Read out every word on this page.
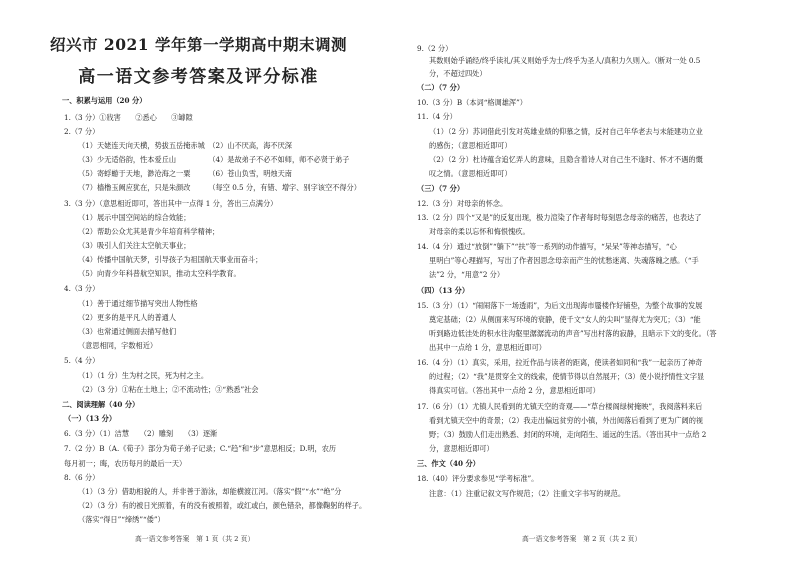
绍兴市 2021 学年第一学期高中期末调测
高一语文参考答案及评分标准
一、积累与运用（20 分）
1.（3 分）①戕害　　②悉心　　③罅隙
2.（7 分）
（1）天姥连天向天横，势拔五岳掩赤城　（2）山不厌高，海不厌深
（3）少无适俗韵，性本爱丘山　　　　　（4）是故弟子不必不如师，师不必贤于弟子
（5）寄蜉蝣于天地，渺沧海之一粟　　　（6）苍山负雪，明烛天南
（7）樯橹玉阙应犹在，只是朱颜改　　　（每空 0.5 分，有错、增字、别字该空不得分）
3.（3 分）（意思相近即可，答出其中一点得 1 分，答出三点满分）
（1）展示中国空间站的综合效能；
（2）帮助公众尤其是青少年培育科学精神；
（3）吸引人们关注太空航天事业；
（4）传播中国航天梦，引导孩子为祖国航天事业而奋斗；
（5）向青少年科普航空知识，推动太空科学教育。
4.（3 分）
（1）善于通过细节描写突出人物性格
（2）更多的是平凡人的普通人
（3）也常通过侧面去描写他们
（意思相同，字数相近）
5.（4 分）
（1）（1 分）生为村之民，死为村之主。
（2）（3 分）①粘在土地上；②不流动性；③“熟悉”社会
二、阅读理解（40 分）
（一）（13 分）
6.（3 分）（1）洁慧　　（2）雕刻　　（3）逐渐
7.（2 分）B（A.《荀子》部分为荀子弟子记录；C.“趋”和“步”意思相反；D.明，农历
每月初一；晦，农历每月的最后一天）
8.（6 分）
（1）（3 分）借助相貌的人，并非善于游泳，却能横渡江河。（落实“假”“水”“绝”分
（2）（3 分）有的被日光照着，有的没有被照着，或红或白，颜色错杂，都像鞠躬的样子。
（落实“得日”“缔绣”“倭”）
高一语文参考答案　第 1 页（共 2 页）
9.（2 分）
其数则始乎诵经/终乎读礼/其义则始乎为士/终乎为圣人/真积力久则入。（断对一处 0.5
分，不超过四处）
（二）（7 分）
10.（3 分）B（本词“格调雄浑”）
11.（4 分）
（1）（2 分）苏词借此引发对英雄业绩的仰慕之情，反衬自己年华老去与未能建功立业
的感伤；（意思相近即可）
（2）（2 分）杜诗蕴含追忆弄人的意味，且隐含着诗人对自己生不逢时、怀才不遇的慨
叹之情。（意思相近即可）
（三）（7 分）
12.（3 分）对母亲的怀念。
13.（2 分）四个“又是”的反复出现，极力渲染了作者每时每刻思念母亲的痛苦，也表达了
对母亲的柔以忘怀和悔恨愧疚。
14.（4 分）通过“放倒”“躺下”“扶”等一系列的动作描写，“呆呆”等神态描写，“心
里明白”等心理描写，写出了作者因思念母亲而产生的忧愁迷离、失魂落魄之感。（“手
法”2 分，“用意”2 分）
（四）（13 分）
15.（3 分）（1）“闹闹落下一场透雨”，为后文出现海市蜃楼作好铺垫，为整个故事的发展
奠定基础；（2）从侧面来写环境的衰静，使千文“女人的尖叫”显得尤为突兀；（3）“能
听到路边低洼处的积水往沟壑里潺潺流动的声音”写出村落的寂静，且暗示下文的变化。（答
出其中一点给 1 分，意思相近即可）
16.（4 分）（1）真实，采用，拉近作品与读者的距离，使读者如同和“我”一起亲历了神奇
的过程；（2）“我”是贯穿全文的线索，使情节得以自然展开；（3）使小说抒情性文字显
得真实可信。（答出其中一点给 2 分，意思相近即可）
17.（6 分）（1）尤镇人民看到的尤镇天空的奇观——“草台楼阁绿树掩映”，我阅落料来后
看到尤镇天空中的奇景；（2）我走出偏远贫穷的小镇，外出阅落后看到了更为广阔的视
野；（3）鼓励人们走出熟悉、封闭的环境，走向陌生、遥远的生活。（答出其中一点给 2
分，意思相近即可）
三、作文（40 分）
18.（40）评分要求参见“学考标准”。
注意：（1）注重记叙文写作规范；（2）注重文字书写的规范。
高一语文参考答案　第 2 页（共 2 页）
